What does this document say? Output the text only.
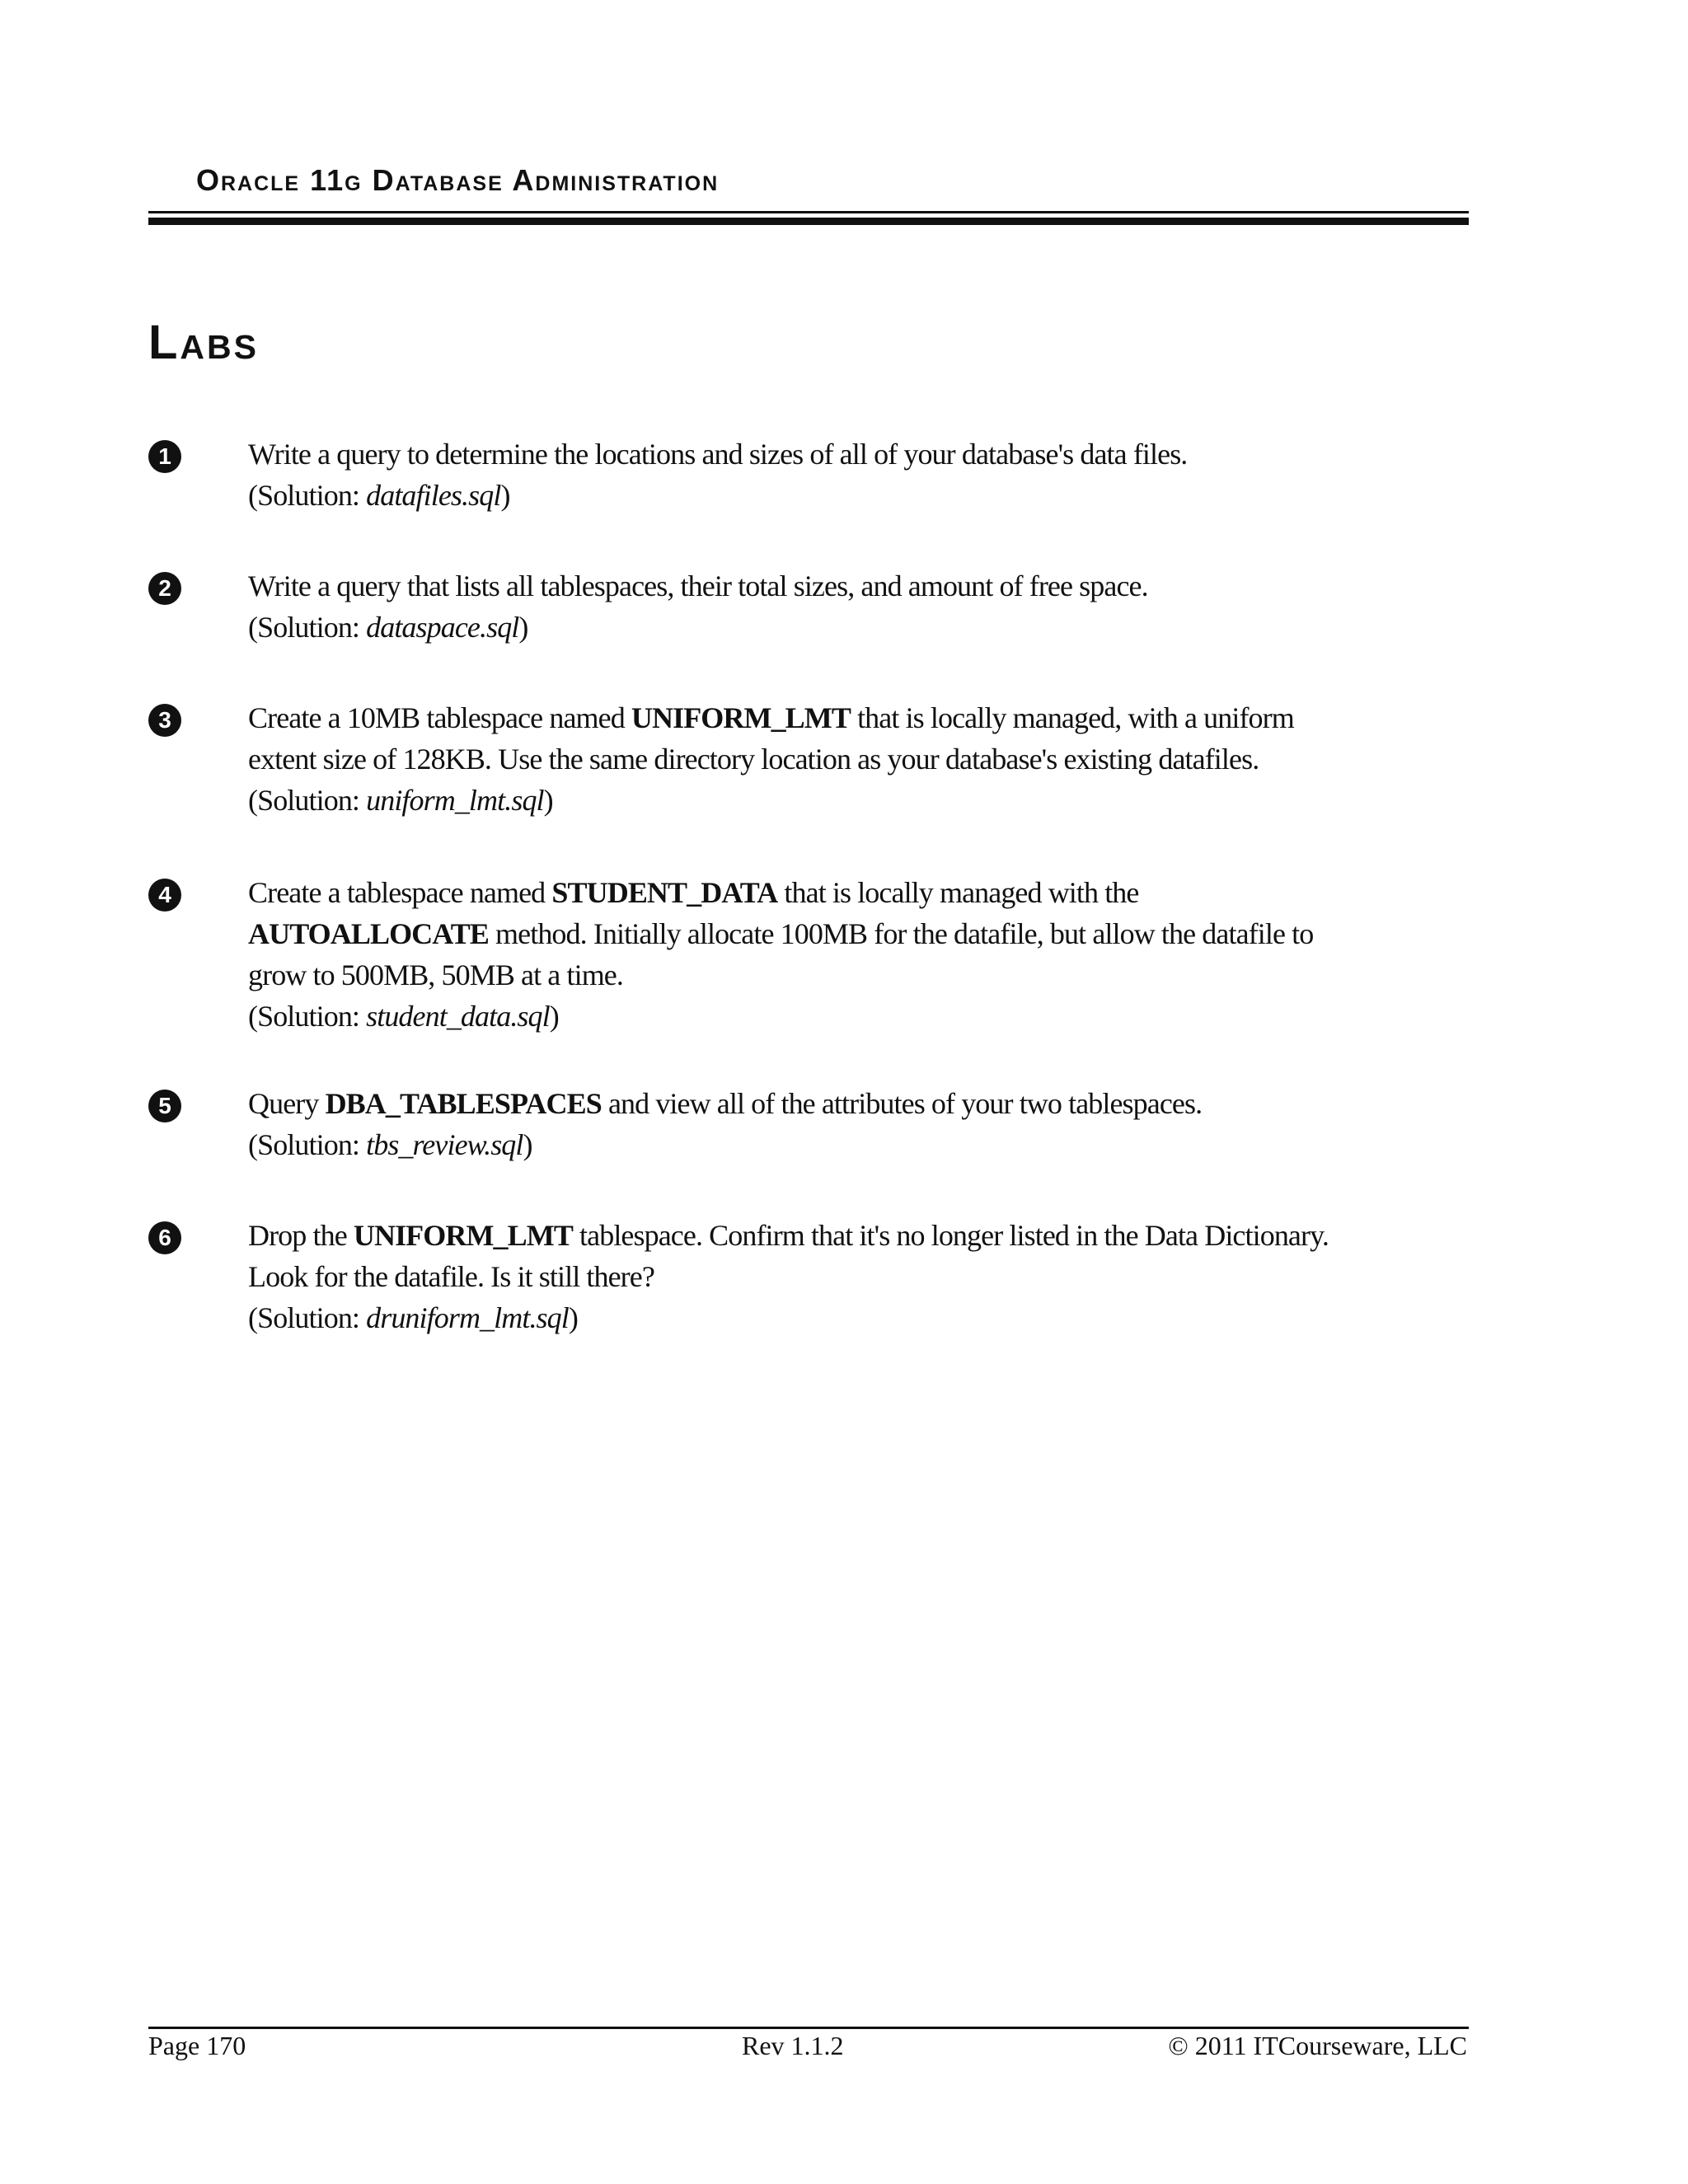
Oracle 11g Database Administration
Labs
1	Write a query to determine the locations and sizes of all of your database's data files.
(Solution: datafiles.sql)
2	Write a query that lists all tablespaces, their total sizes, and amount of free space.
(Solution: dataspace.sql)
3	Create a 10MB tablespace named UNIFORM_LMT that is locally managed, with a uniform
extent size of 128KB. Use the same directory location as your database's existing datafiles.
(Solution: uniform_lmt.sql)
4	Create a tablespace named STUDENT_DATA that is locally managed with the
AUTOALLOCATE method. Initially allocate 100MB for the datafile, but allow the datafile to
grow to 500MB, 50MB at a time.
(Solution: student_data.sql)
5	Query DBA_TABLESPACES and view all of the attributes of your two tablespaces.
(Solution: tbs_review.sql)
6	Drop the UNIFORM_LMT tablespace. Confirm that it's no longer listed in the Data Dictionary.
Look for the datafile. Is it still there?
(Solution: druniform_lmt.sql)
Page 170	Rev 1.1.2	© 2011 ITCourseware, LLC
